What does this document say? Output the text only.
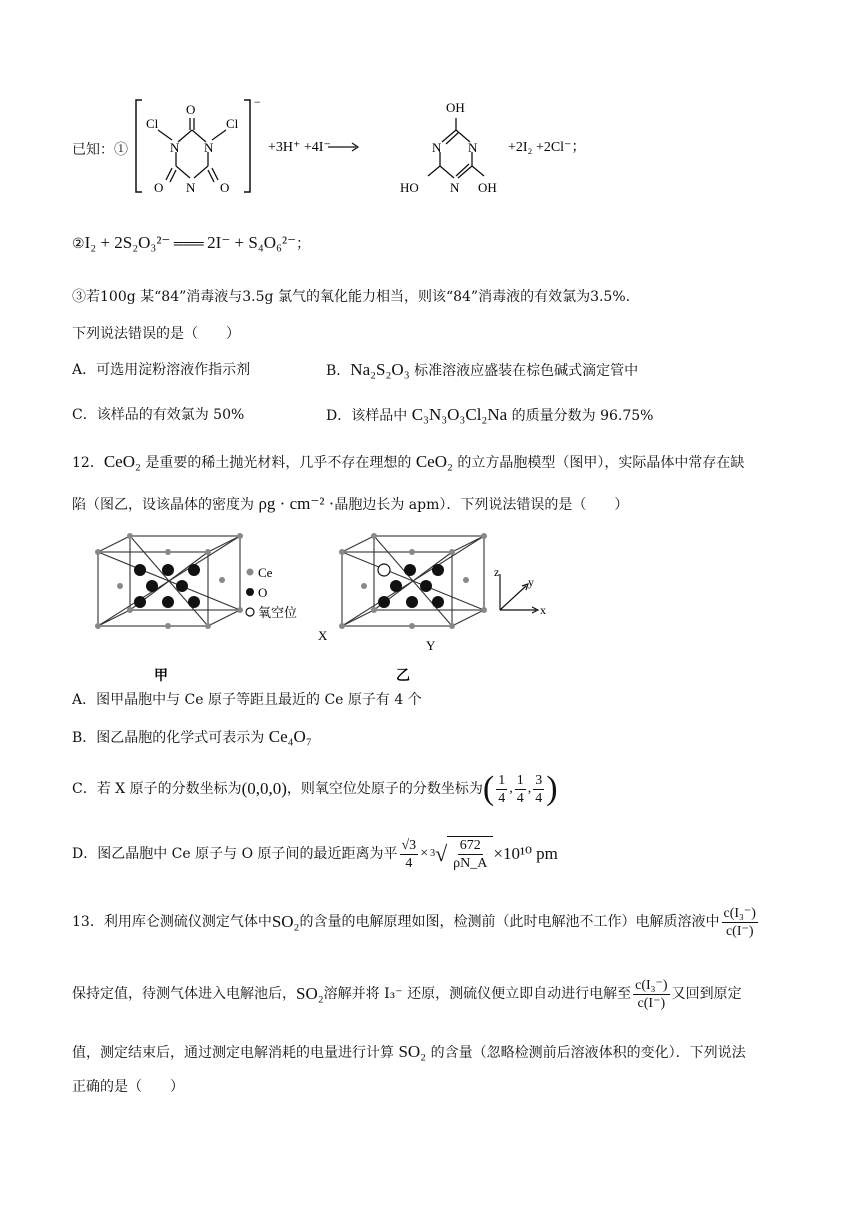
已知：①
−
O
Cl	Cl
N N
O N O
+3H⁺ +4I⁻
OH
N N
HO N OH
+2I₂ +2Cl⁻；
②I₂ + 2S₂O₃²⁻ ═══ 2I⁻ + S₄O₆²⁻；
③若100g 某“84”消毒液与3.5g 氯气的氧化能力相当，则该“84”消毒液的有效氯为3.5%.
下列说法错误的是（　　）
A．可选用淀粉溶液作指示剂	B．Na₂S₂O₃ 标准溶液应盛装在棕色碱式滴定管中
C．该样品的有效氯为 50%	D．该样品中 C₃N₃O₃Cl₂Na 的质量分数为 96.75%
12．CeO₂ 是重要的稀土抛光材料，几乎不存在理想的 CeO₂ 的立方晶胞模型（图甲），实际晶体中常存在缺
陷（图乙，设该晶体的密度为 ρg · cm⁻² ·晶胞边长为 apm）．下列说法错误的是（　　）
Ce
O
氧空位
X
Y
z
y
x
甲	乙
A．图甲晶胞中与 Ce 原子等距且最近的 Ce 原子有 4 个
B．图乙晶胞的化学式可表示为 Ce₄O₇
C．若 X 原子的分数坐标为 (0,0,0) ，则氧空位处原子的分数坐标为 ( $\frac{1}{4}$ , $\frac{1}{4}$ , $\frac{3}{4}$ )
D．图乙晶胞中 Ce 原子与 O 原子间的最近距离为平 $\frac{√3}{4} \times 3$ √ $\frac{672}{\rho N\_A} \times 10^{10}$ pm
13．利用库仑测硫仪测定气体中 SO₂ 的含量的电解原理如图，检测前（此时电解池不工作）电解质溶液中 $\frac{\text{c(I₃⁻)}}{c(I^-)}$
保持定值，待测气体进入电解池后， SO₂ 溶解并将 I₃⁻ 还原，测硫仪便立即自动进行电解至 $\frac{\text{c(I₃⁻)}}{c(I^-)}$ 又回到原定
值，测定结束后，通过测定电解消耗的电量进行计算 SO₂ 的含量（忽略检测前后溶液体积的变化）．下列说法
正确的是（　　）
